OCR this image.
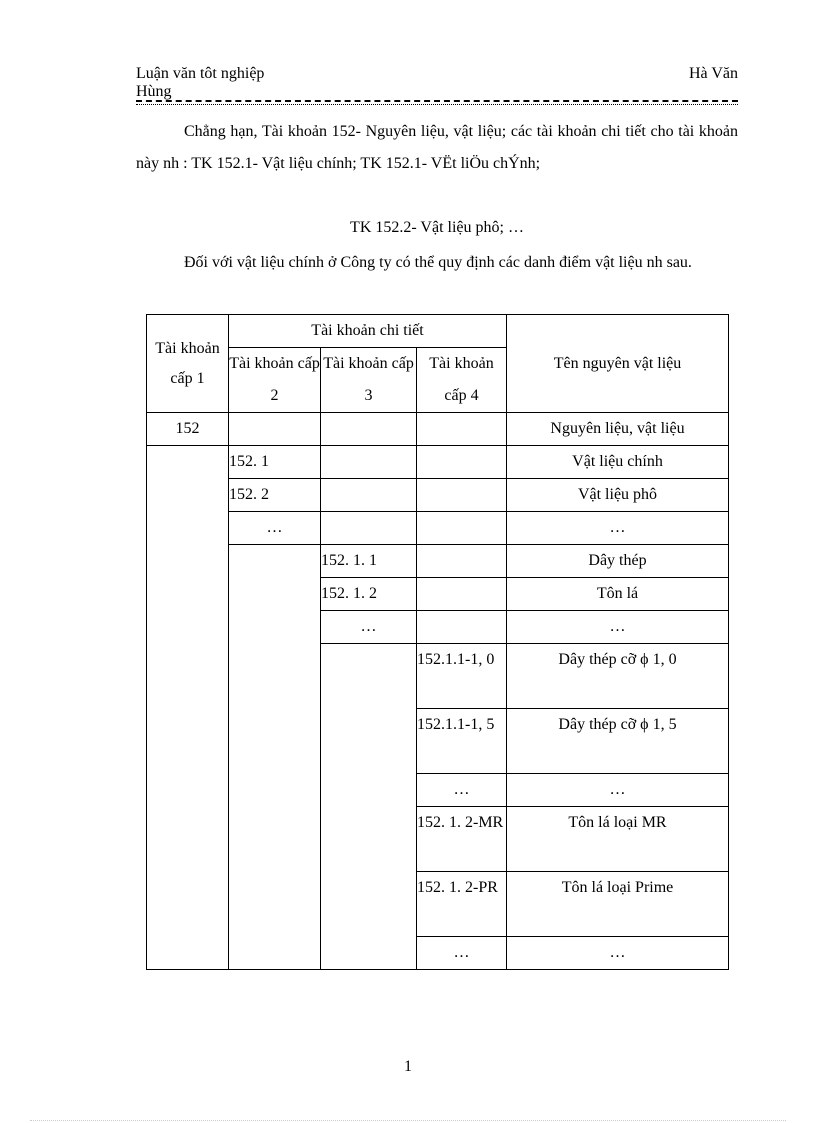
Luận văn tôt nghiệp
Hùng
Hà Văn
Chẳng hạn, Tài khoản 152- Nguyên liệu, vật liệu; các tài khoản chi tiết cho tài khoản này nh : TK 152.1- Vật liệu chính; TK 152.1- VËt liÖu chÝnh;
TK 152.2- Vật liệu phô; …
Đối với vật liệu chính ở Công ty có thể quy định các danh điểm vật liệu nh sau.
Tài khoản cấp 1	Tài khoản chi tiết			Tên nguyên vật liệu
	Tài khoản cấp 2	Tài khoản cấp 3	Tài khoản cấp 4	
152				Nguyên liệu, vật liệu
	152. 1			Vật liệu chính
	152. 2			Vật liệu phô
	…			…
		152. 1. 1		Dây thép
		152. 1. 2		Tôn lá
		…		…
			152.1.1-1, 0	Dây thép cỡ ϕ 1, 0
			152.1.1-1, 5	Dây thép cỡ ϕ 1, 5
			…	…
			152. 1. 2-MR	Tôn lá loại MR
			152. 1. 2-PR	Tôn lá loại Prime
			…	…
1
